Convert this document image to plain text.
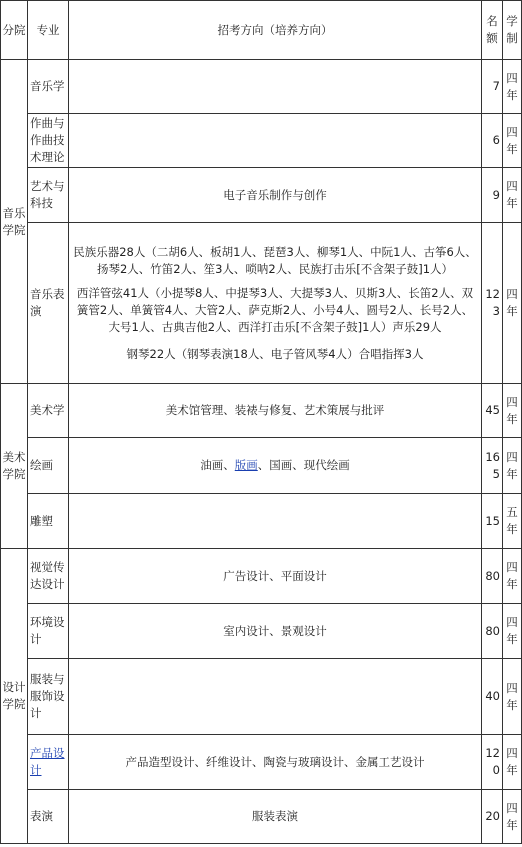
分院	专业	招考方向（培养方向）	名额	学制
音乐学院	音乐学		7	四年
	作曲与作曲技术理论		6	四年
	艺术与科技	电子音乐制作与创作	9	四年
	音乐表演	民族乐器28人（二胡6人、板胡1人、琵琶3人、柳琴1人、中阮1人、古筝6人、扬琴2人、竹笛2人、笙3人、唢呐2人、民族打击乐[不含架子鼓]1人）

西洋管弦41人（小提琴8人、中提琴3人、大提琴3人、贝斯3人、长笛2人、双簧管2人、单簧管4人、大管2人、萨克斯2人、小号4人、圆号2人、长号2人、大号1人、古典吉他2人、西洋打击乐[不含架子鼓]1人）声乐29人

钢琴22人（钢琴表演18人、电子管风琴4人）合唱指挥3人	123	四年
美术学院	美术学	美术馆管理、装裱与修复、艺术策展与批评	45	四年
	绘画	油画、版画、国画、现代绘画	165	四年
	雕塑		15	五年
设计学院	视觉传达设计	广告设计、平面设计	80	四年
	环境设计	室内设计、景观设计	80	四年
	服装与服饰设计		40	四年
	产品设计	产品造型设计、纤维设计、陶瓷与玻璃设计、金属工艺设计	120	四年
	表演	服装表演	20	四年
